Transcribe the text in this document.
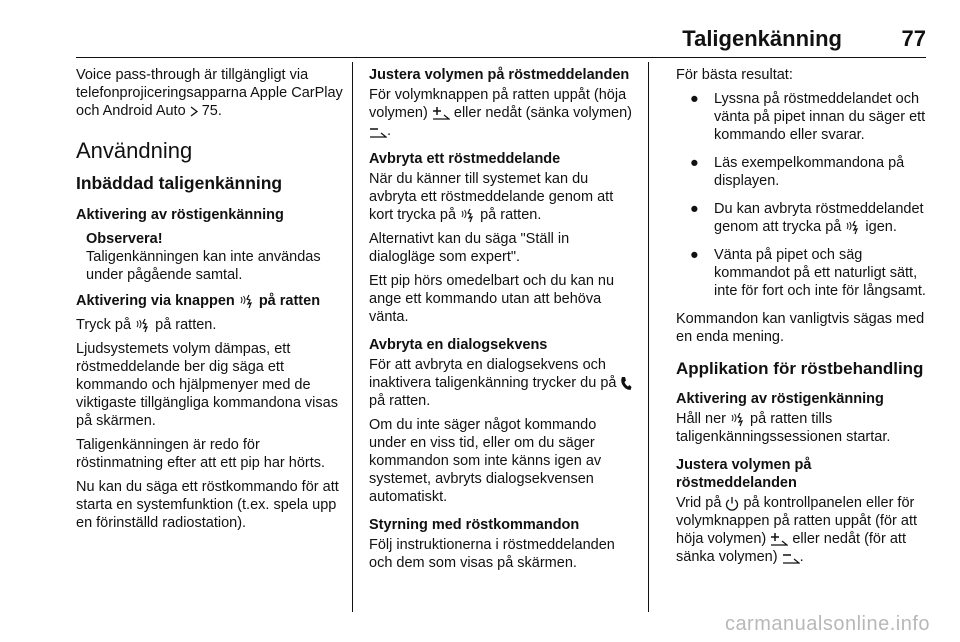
Taligenkänning	77

Voice pass-through är tillgängligt via telefonprojiceringsapparna Apple CarPlay och Android Auto 75.

Användning
Inbäddad taligenkänning

Aktivering av röstigenkänning

Observera!
Taligenkänningen kan inte användas under pågående samtal.

Aktivering via knappen på ratten

Tryck på på ratten.

Ljudsystemets volym dämpas, ett röstmeddelande ber dig säga ett kommando och hjälpmenyer med de viktigaste tillgängliga kommandona visas på skärmen.

Taligenkänningen är redo för röstinmatning efter att ett pip har hörts.

Nu kan du säga ett röstkommando för att starta en systemfunktion (t.ex. spela upp en förinställd radiostation).

Justera volymen på röstmeddelanden

För volymknappen på ratten uppåt (höja volymen) eller nedåt (sänka volymen)
.

Avbryta ett röstmeddelande

När du känner till systemet kan du avbryta ett röstmeddelande genom att kort trycka på på ratten.

Alternativt kan du säga "Ställ in dialogläge som expert".

Ett pip hörs omedelbart och du kan nu ange ett kommando utan att behöva vänta.

Avbryta en dialogsekvens

För att avbryta en dialogsekvens och inaktivera taligenkänning trycker du på
på ratten.

Om du inte säger något kommando under en viss tid, eller om du säger kommandon som inte känns igen av systemet, avbryts dialogsekvensen automatiskt.

Styrning med röstkommandon

Följ instruktionerna i röstmeddelanden och dem som visas på skärmen.

För bästa resultat:

● Lyssna på röstmeddelandet och vänta på pipet innan du säger ett kommando eller svarar.
● Läs exempelkommandona på displayen.
● Du kan avbryta röstmeddelandet genom att trycka på igen.
● Vänta på pipet och säg kommandot på ett naturligt sätt, inte för fort och inte för långsamt.

Kommandon kan vanligtvis sägas med en enda mening.

Applikation för röstbehandling

Aktivering av röstigenkänning

Håll ner på ratten tills taligenkänningssessionen startar.

Justera volymen på röstmeddelanden

Vrid på på kontrollpanelen eller för volymknappen på ratten uppåt (för att höja volymen) eller nedåt (för att sänka volymen) .

carmanualsonline.info
